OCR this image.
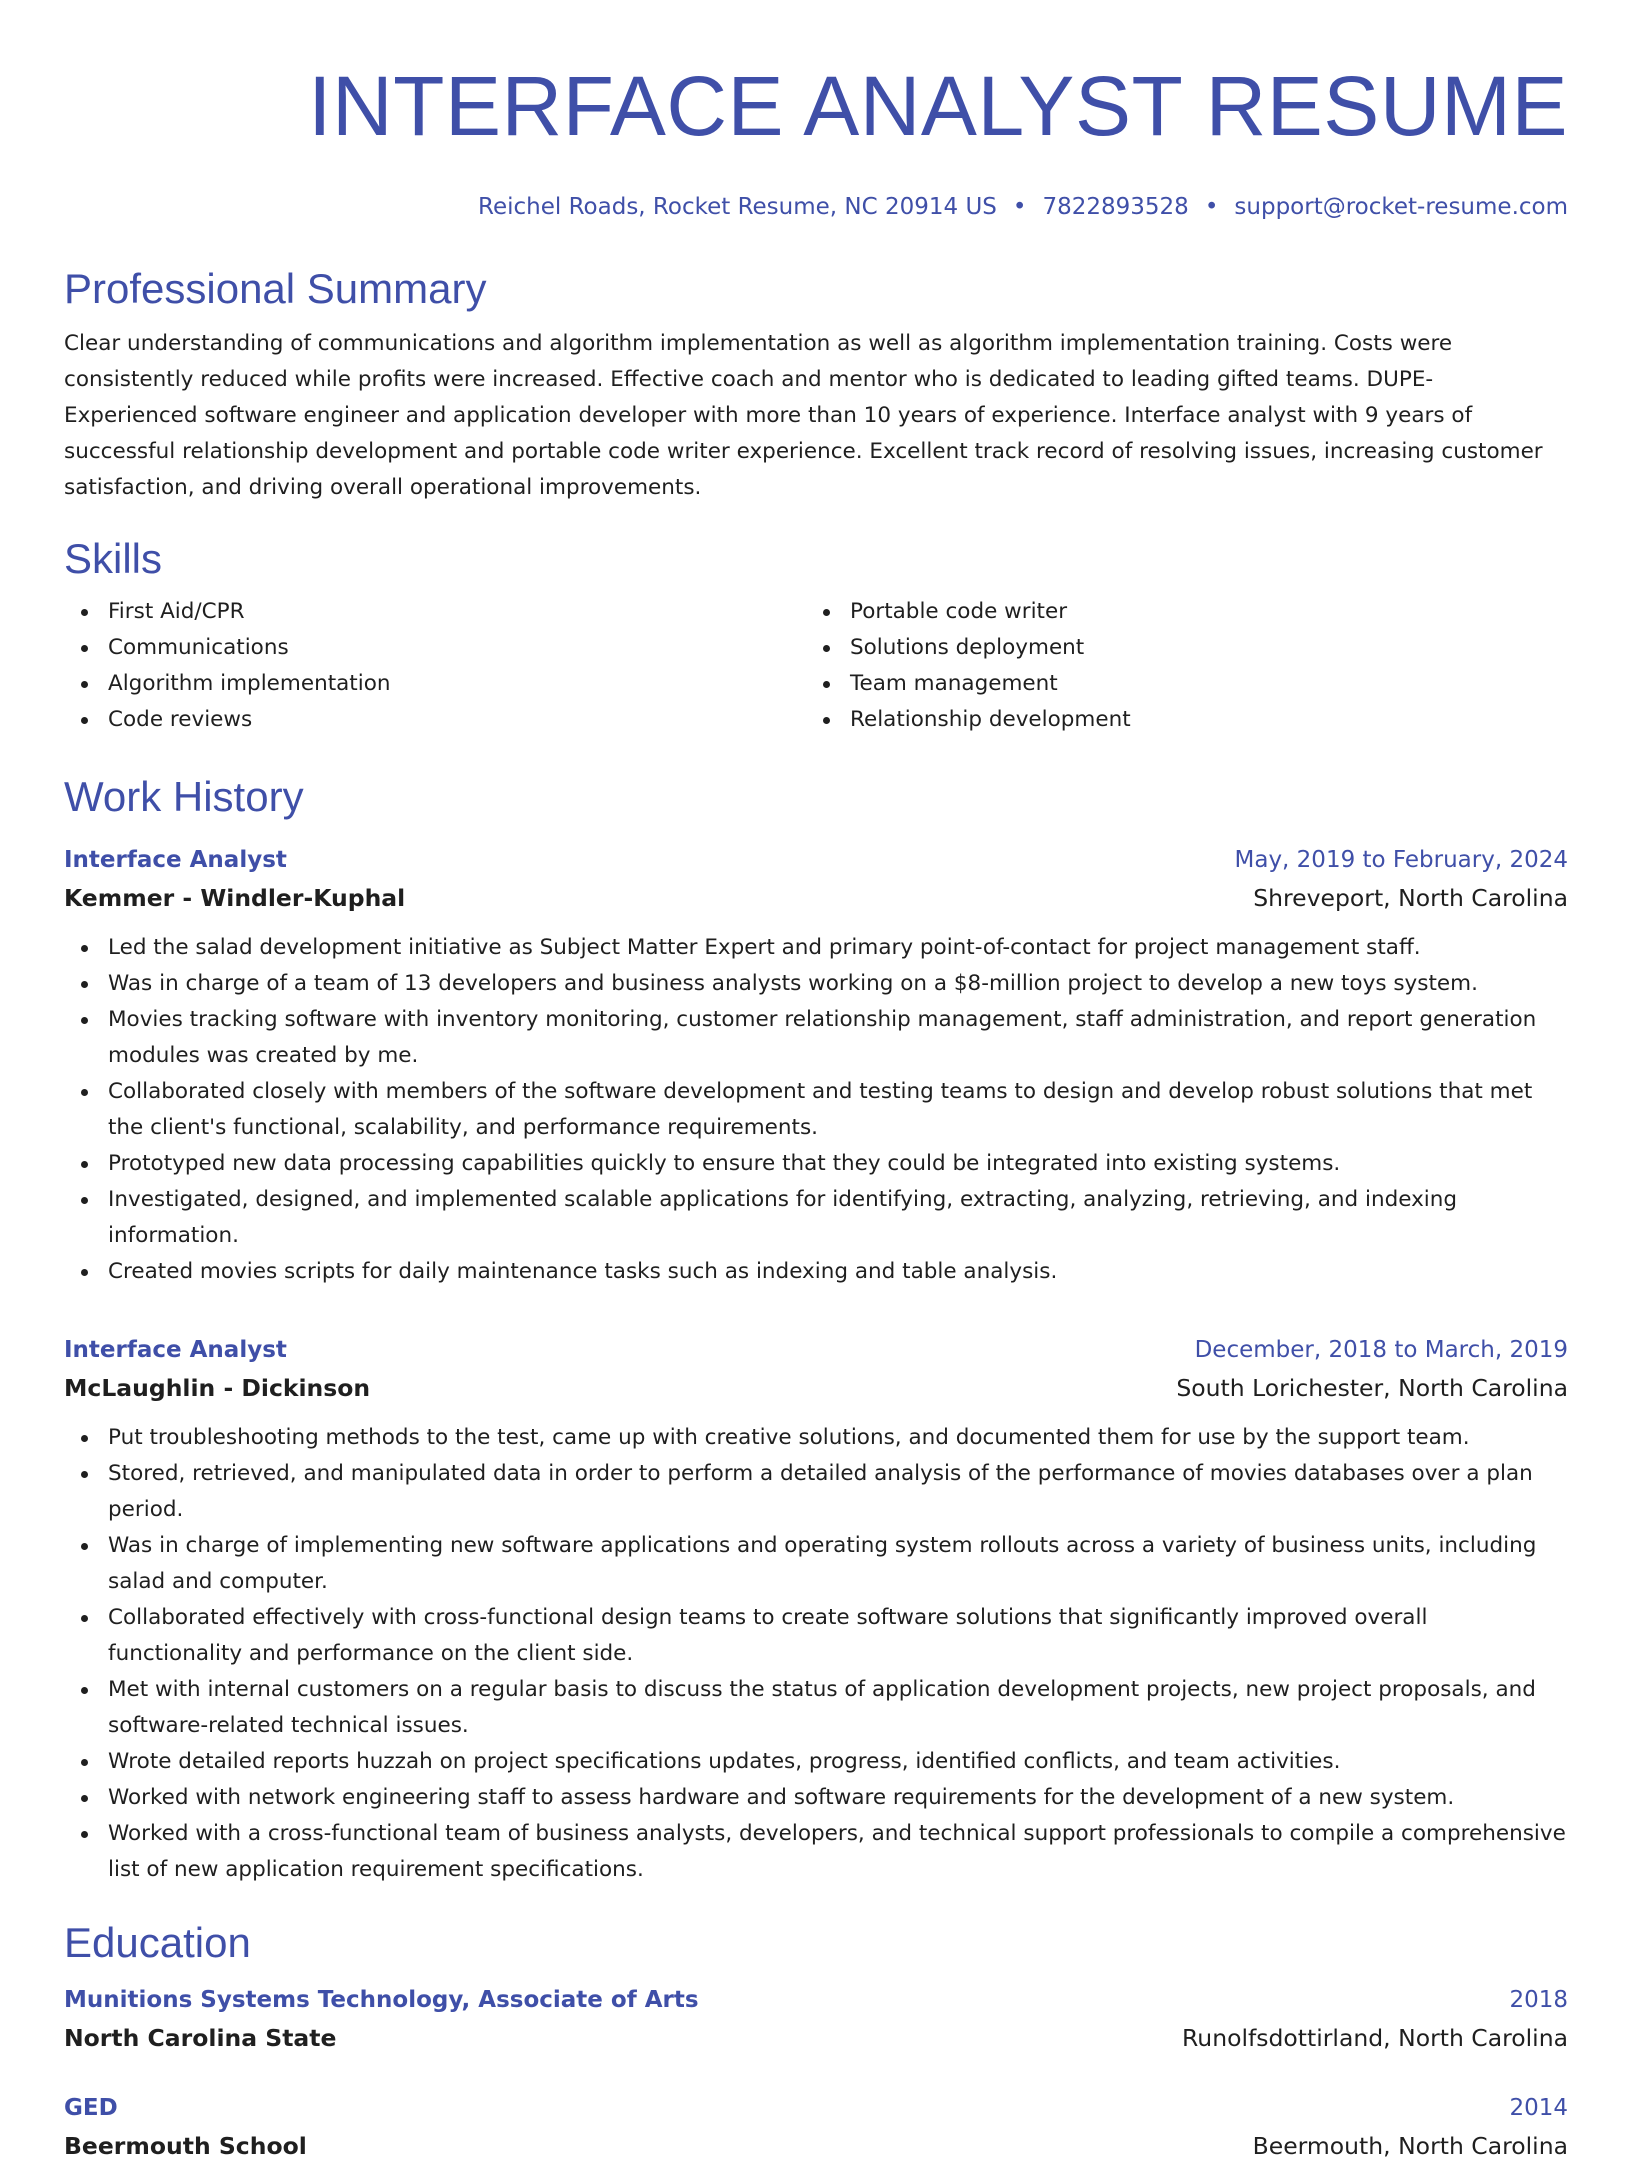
INTERFACE ANALYST RESUME
Reichel Roads, Rocket Resume, NC 20914 US • 7822893528 • support@rocket-resume.com
Professional Summary

Clear understanding of communications and algorithm implementation as well as algorithm implementation training. Costs were consistently reduced while profits were increased. Effective coach and mentor who is dedicated to leading gifted teams. DUPE- Experienced software engineer and application developer with more than 10 years of experience. Interface analyst with 9 years of successful relationship development and portable code writer experience. Excellent track record of resolving issues, increasing customer satisfaction, and driving overall operational improvements.

Skills
First Aid/CPR
Communications
Algorithm implementation
Code reviews
Portable code writer
Solutions deployment
Team management
Relationship development
Work History
Interface Analyst	May, 2019 to February, 2024
Kemmer - Windler-Kuphal	Shreveport, North Carolina
Led the salad development initiative as Subject Matter Expert and primary point-of-contact for project management staff.
Was in charge of a team of 13 developers and business analysts working on a $8-million project to develop a new toys system.
Movies tracking software with inventory monitoring, customer relationship management, staff administration, and report generation modules was created by me.
Collaborated closely with members of the software development and testing teams to design and develop robust solutions that met the client's functional, scalability, and performance requirements.
Prototyped new data processing capabilities quickly to ensure that they could be integrated into existing systems.
Investigated, designed, and implemented scalable applications for identifying, extracting, analyzing, retrieving, and indexing information.
Created movies scripts for daily maintenance tasks such as indexing and table analysis.
Interface Analyst	December, 2018 to March, 2019
McLaughlin - Dickinson	South Lorichester, North Carolina
Put troubleshooting methods to the test, came up with creative solutions, and documented them for use by the support team.
Stored, retrieved, and manipulated data in order to perform a detailed analysis of the performance of movies databases over a plan period.
Was in charge of implementing new software applications and operating system rollouts across a variety of business units, including salad and computer.
Collaborated effectively with cross-functional design teams to create software solutions that significantly improved overall functionality and performance on the client side.
Met with internal customers on a regular basis to discuss the status of application development projects, new project proposals, and software-related technical issues.
Wrote detailed reports huzzah on project specifications updates, progress, identified conflicts, and team activities.
Worked with network engineering staff to assess hardware and software requirements for the development of a new system.
Worked with a cross-functional team of business analysts, developers, and technical support professionals to compile a comprehensive list of new application requirement specifications.
Education
Munitions Systems Technology, Associate of Arts	2018
North Carolina State	Runolfsdottirland, North Carolina
GED	2014
Beermouth School	Beermouth, North Carolina
